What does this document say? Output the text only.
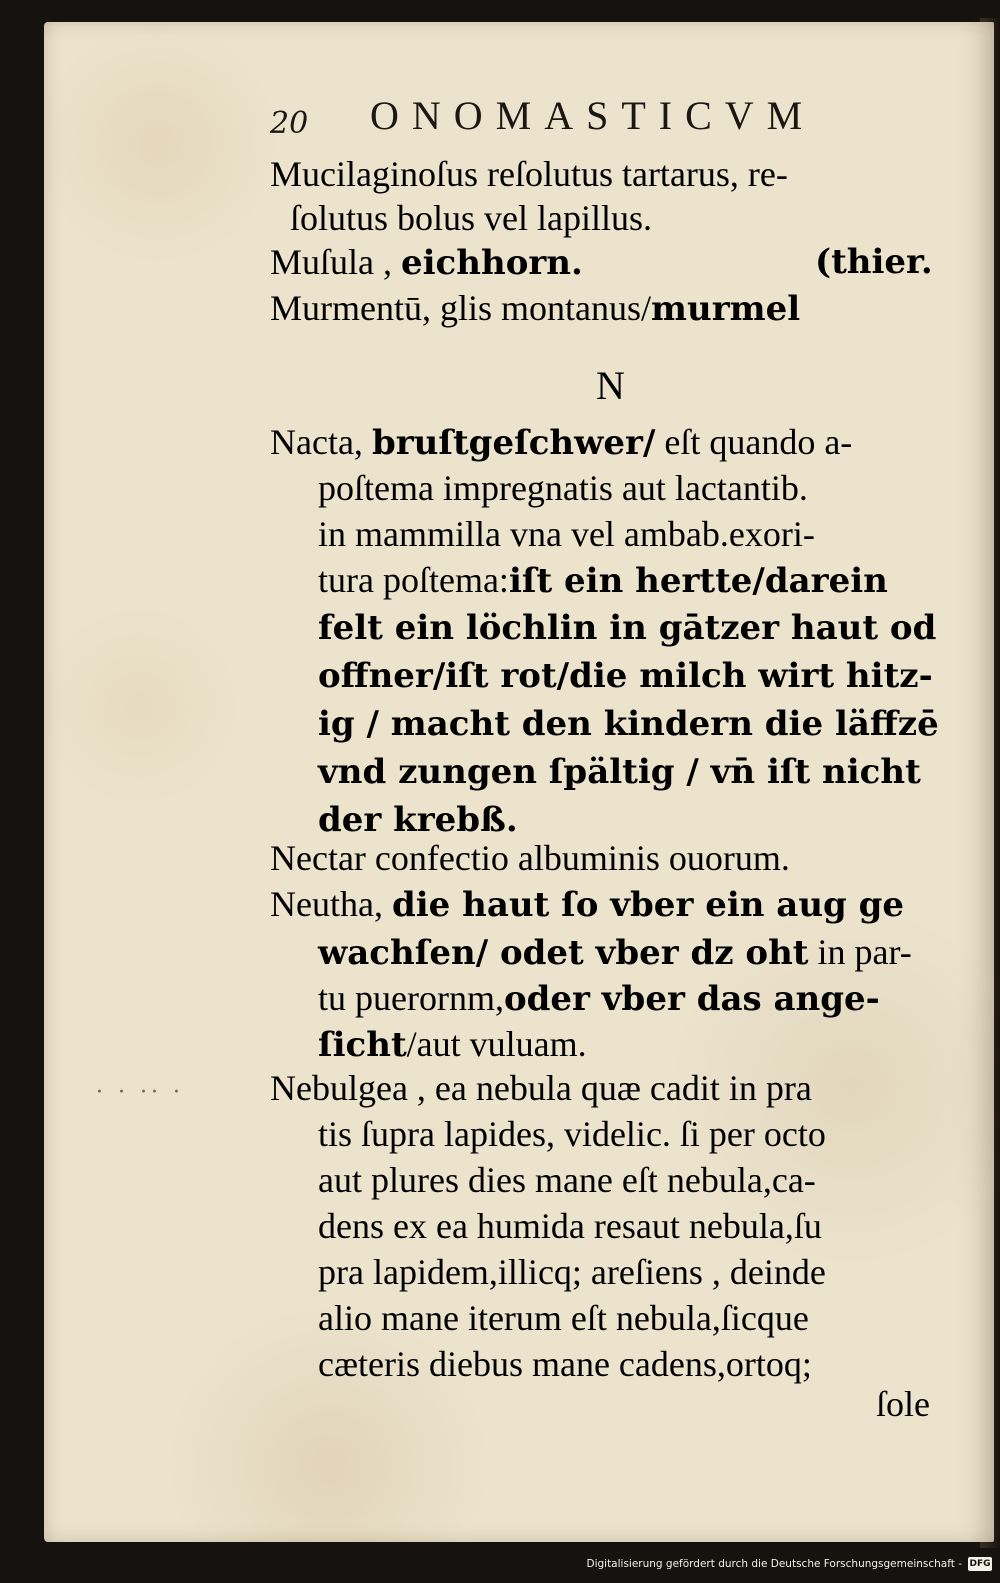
20 ONOMASTICVM
Mucilaginoſus reſolutus tartarus, re-
ſolutus bolus vel lapillus.
Muſula , eichhorn.	(thier.
Murmentū, glis montanus/murmel
N
Nacta, bruſtgeſchwer/ eſt quando a-
poſtema impregnatis aut lactantib.
in mammilla vna vel ambab.exori-
tura poſtema:iſt ein hertte/darein
felt ein löchlin in gātzer haut od
offner/iſt rot/die milch wirt hitz-
ig / macht den kindern die läffzē
vnd zungen ſpältig / vn̄ iſt nicht
der krebß.
Nectar confectio albuminis ouorum.
Neutha, die haut ſo vber ein aug ge
wachſen/ odet vber dz oht in par-
tu puerornm,oder vber das ange-
ſicht/aut vuluam.
· · ·· · Nebulgea , ea nebula quæ cadit in pra
tis ſupra lapides, videlic. ſi per octo
aut plures dies mane eſt nebula,ca-
dens ex ea humida resaut nebula,ſu
pra lapidem,illicq; areſiens , deinde
alio mane iterum eſt nebula,ſicque
cæteris diebus mane cadens,ortoq;
ſole
Digitalisierung gefördert durch die Deutsche Forschungsgemeinschaft - DFG
